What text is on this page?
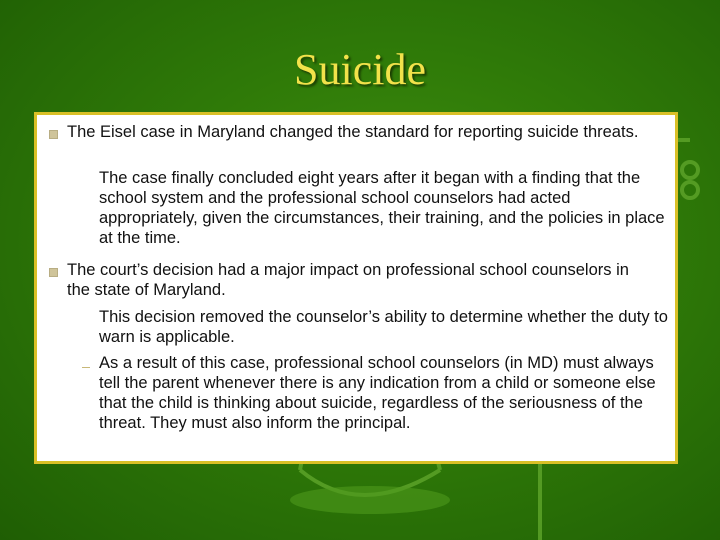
Suicide
The Eisel case in Maryland changed the standard for reporting suicide threats.
The case finally concluded eight years after it began with a finding that the school system and the professional school counselors had acted appropriately, given the circumstances, their training, and the policies in place at the time.
The court’s decision had a major impact on professional school counselors in the state of Maryland.
This decision removed the counselor’s ability to determine whether the duty to warn is applicable.
As a result of this case, professional school counselors (in MD) must always tell the parent whenever there is any indication from a child or someone else that the child is thinking about suicide, regardless of the seriousness of the threat. They must also inform the principal.
